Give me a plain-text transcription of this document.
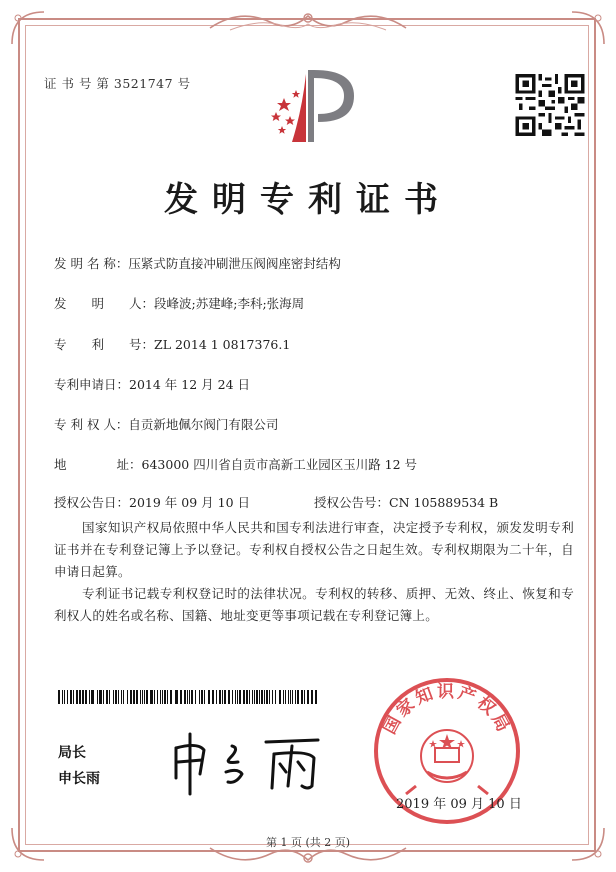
证 书 号 第 3521747 号
发明专利证书
发 明 名 称：压紧式防直接冲刷泄压阀阀座密封结构
发　　明　　人：段峰波;苏建峰;李科;张海周
专　　利　　号：ZL 2014 1 0817376.1
专利申请日：2014 年 12 月 24 日
专 利 权 人：自贡新地佩尔阀门有限公司
地　　　　址：643000 四川省自贡市高新工业园区玉川路 12 号
授权公告日：2019 年 09 月 10 日	授权公告号：CN 105889534 B
国家知识产权局依照中华人民共和国专利法进行审查，决定授予专利权，颁发发明专利证书并在专利登记簿上予以登记。专利权自授权公告之日起生效。专利权期限为二十年，自申请日起算。
专利证书记载专利权登记时的法律状况。专利权的转移、质押、无效、终止、恢复和专利权人的姓名或名称、国籍、地址变更等事项记载在专利登记簿上。
局长
申长雨
国家知识产权局
2019 年 09 月 10 日
第 1 页 (共 2 页)
